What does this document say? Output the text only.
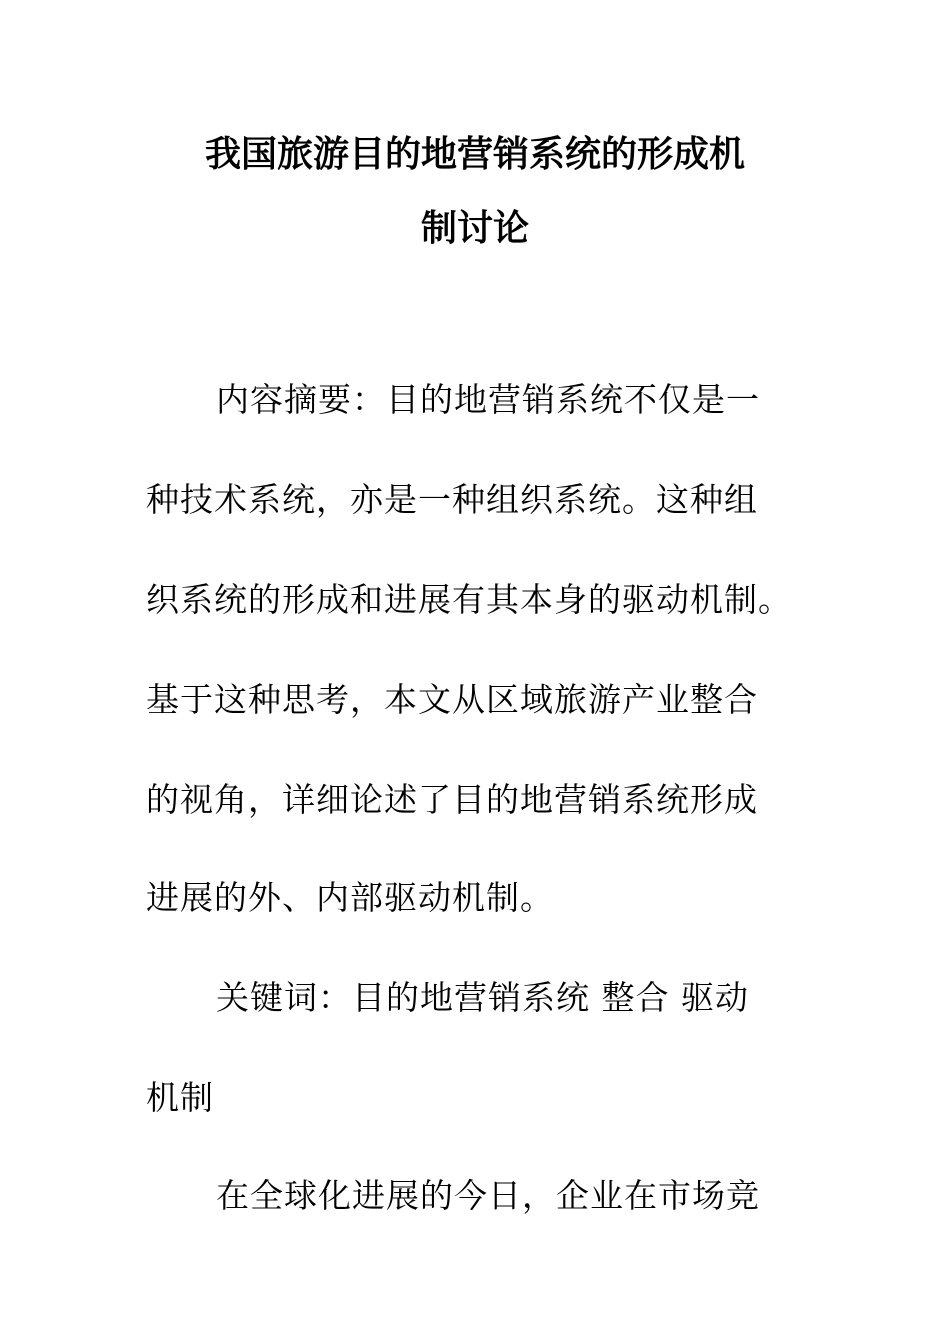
我国旅游目的地营销系统的形成机
制讨论
内容摘要：目的地营销系统不仅是一
种技术系统，亦是一种组织系统。这种组
织系统的形成和进展有其本身的驱动机制。
基于这种思考，本文从区域旅游产业整合
的视角，详细论述了目的地营销系统形成
进展的外、内部驱动机制。
关键词：目的地营销系统 整合 驱动
机制
在全球化进展的今日，企业在市场竞
